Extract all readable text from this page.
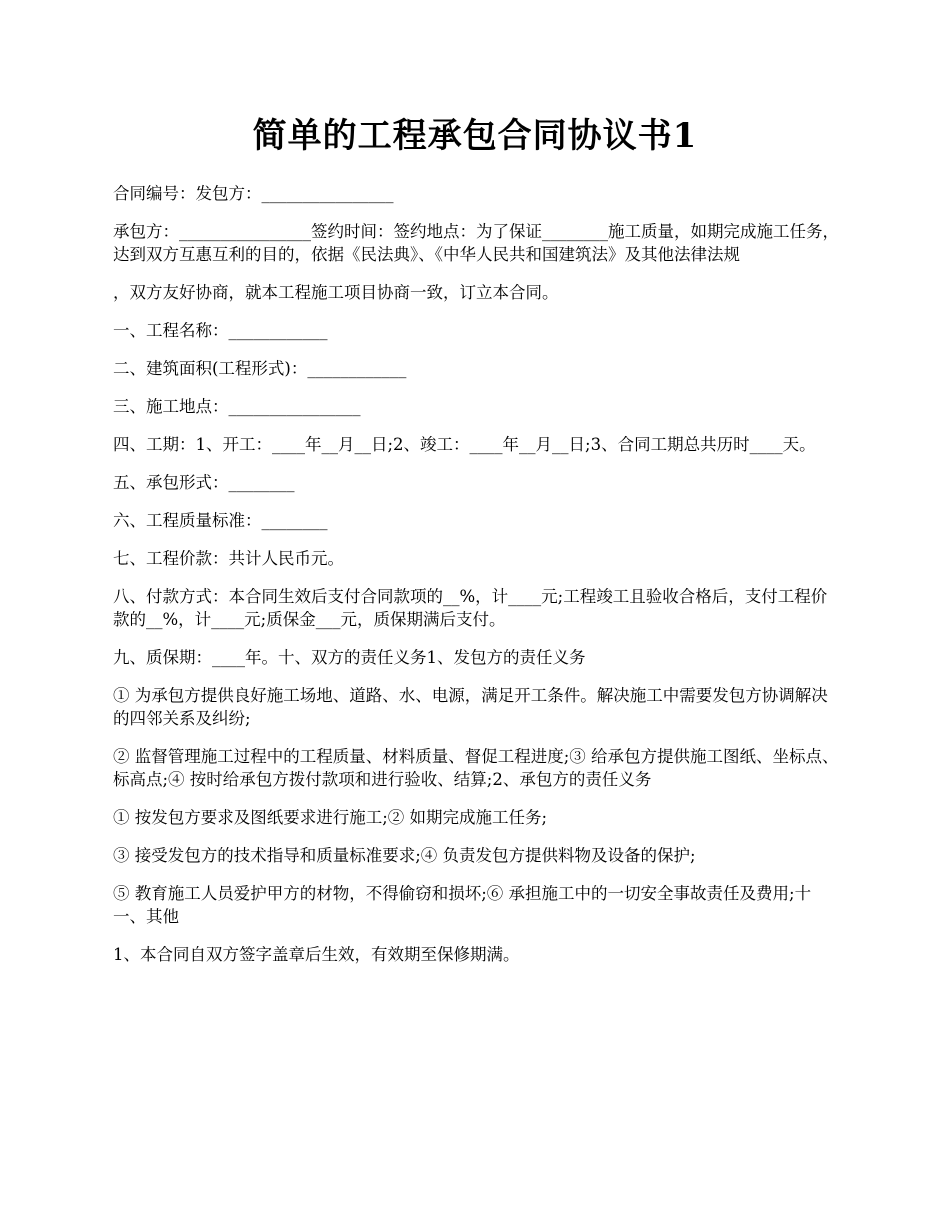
简单的工程承包合同协议书1

合同编号：发包方：________________

承包方：________________签约时间：签约地点：为了保证________施工质量，如期完成施工任务，达到双方互惠互利的目的，依据《民法典》、《中华人民共和国建筑法》及其他法律法规

，双方友好协商，就本工程施工项目协商一致，订立本合同。

一、工程名称：____________

二、建筑面积(工程形式)：____________

三、施工地点：________________

四、工期：1、开工：____年__月__日;2、竣工：____年__月__日;3、合同工期总共历时____天。

五、承包形式：________

六、工程质量标准：________

七、工程价款：共计人民币元。

八、付款方式：本合同生效后支付合同款项的__%，计____元;工程竣工且验收合格后，支付工程价款的__%，计____元;质保金___元，质保期满后支付。

九、质保期：____年。十、双方的责任义务1、发包方的责任义务

① 为承包方提供良好施工场地、道路、水、电源，满足开工条件。解决施工中需要发包方协调解决的四邻关系及纠纷;

② 监督管理施工过程中的工程质量、材料质量、督促工程进度;③ 给承包方提供施工图纸、坐标点、标高点;④ 按时给承包方拨付款项和进行验收、结算;2、承包方的责任义务

① 按发包方要求及图纸要求进行施工;② 如期完成施工任务;

③ 接受发包方的技术指导和质量标准要求;④ 负责发包方提供料物及设备的保护;

⑤ 教育施工人员爱护甲方的材物，不得偷窃和损坏;⑥ 承担施工中的一切安全事故责任及费用;十一、其他

1、本合同自双方签字盖章后生效，有效期至保修期满。
